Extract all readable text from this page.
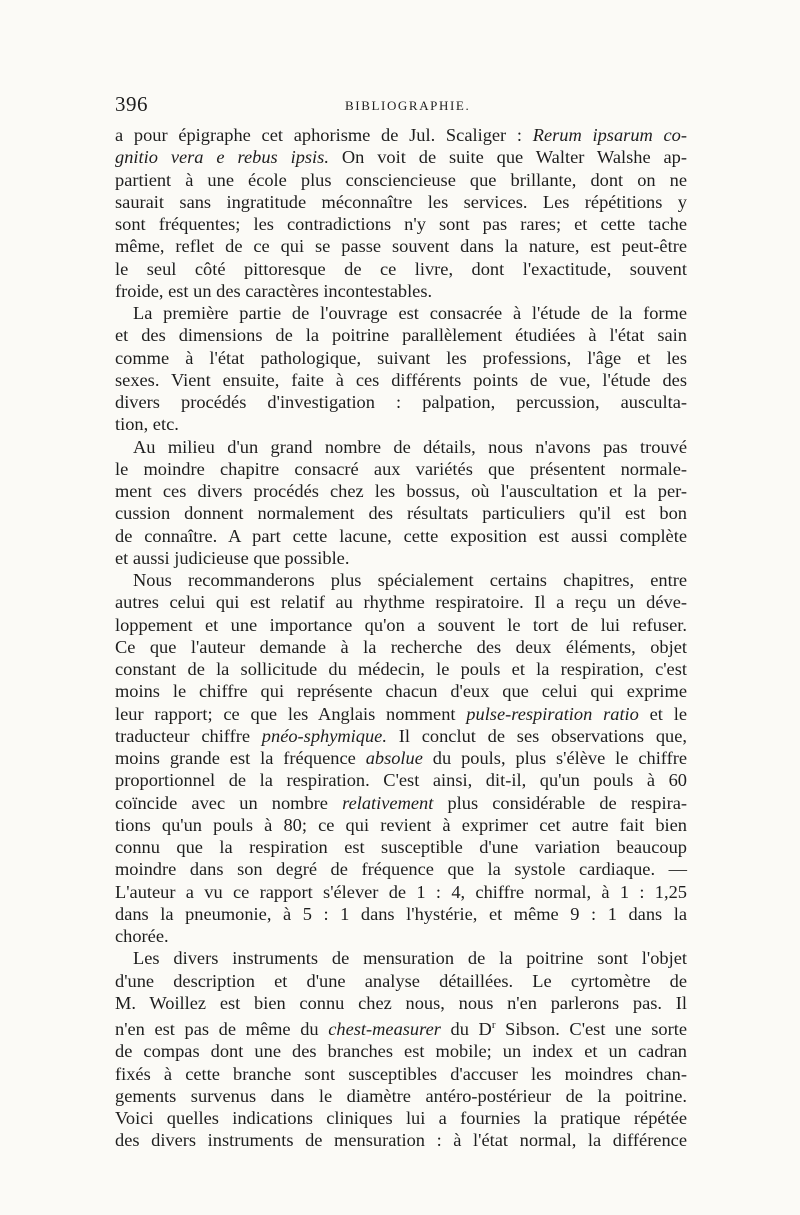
396	BIBLIOGRAPHIE.
a pour épigraphe cet aphorisme de Jul. Scaliger : Rerum ipsarum co-
gnitio vera e rebus ipsis. On voit de suite que Walter Walshe ap-
partient à une école plus consciencieuse que brillante, dont on ne
saurait sans ingratitude méconnaître les services. Les répétitions y
sont fréquentes; les contradictions n'y sont pas rares; et cette tache
même, reflet de ce qui se passe souvent dans la nature, est peut-être
le seul côté pittoresque de ce livre, dont l'exactitude, souvent
froide, est un des caractères incontestables.
La première partie de l'ouvrage est consacrée à l'étude de la forme
et des dimensions de la poitrine parallèlement étudiées à l'état sain
comme à l'état pathologique, suivant les professions, l'âge et les
sexes. Vient ensuite, faite à ces différents points de vue, l'étude des
divers procédés d'investigation : palpation, percussion, ausculta-
tion, etc.
Au milieu d'un grand nombre de détails, nous n'avons pas trouvé
le moindre chapitre consacré aux variétés que présentent normale-
ment ces divers procédés chez les bossus, où l'auscultation et la per-
cussion donnent normalement des résultats particuliers qu'il est bon
de connaître. A part cette lacune, cette exposition est aussi complète
et aussi judicieuse que possible.
Nous recommanderons plus spécialement certains chapitres, entre
autres celui qui est relatif au rhythme respiratoire. Il a reçu un déve-
loppement et une importance qu'on a souvent le tort de lui refuser.
Ce que l'auteur demande à la recherche des deux éléments, objet
constant de la sollicitude du médecin, le pouls et la respiration, c'est
moins le chiffre qui représente chacun d'eux que celui qui exprime
leur rapport; ce que les Anglais nomment pulse-respiration ratio et le
traducteur chiffre pnéo-sphymique. Il conclut de ses observations que,
moins grande est la fréquence absolue du pouls, plus s'élève le chiffre
proportionnel de la respiration. C'est ainsi, dit-il, qu'un pouls à 60
coïncide avec un nombre relativement plus considérable de respira-
tions qu'un pouls à 80; ce qui revient à exprimer cet autre fait bien
connu que la respiration est susceptible d'une variation beaucoup
moindre dans son degré de fréquence que la systole cardiaque. —
L'auteur a vu ce rapport s'élever de 1 : 4, chiffre normal, à 1 : 1,25
dans la pneumonie, à 5 : 1 dans l'hystérie, et même 9 : 1 dans la
chorée.
Les divers instruments de mensuration de la poitrine sont l'objet
d'une description et d'une analyse détaillées. Le cyrtomètre de
M. Woillez est bien connu chez nous, nous n'en parlerons pas. Il
n'en est pas de même du chest-measurer du $D^r$ Sibson. C'est une sorte
de compas dont une des branches est mobile; un index et un cadran
fixés à cette branche sont susceptibles d'accuser les moindres chan-
gements survenus dans le diamètre antéro-postérieur de la poitrine.
Voici quelles indications cliniques lui a fournies la pratique répétée
des divers instruments de mensuration : à l'état normal, la différence
